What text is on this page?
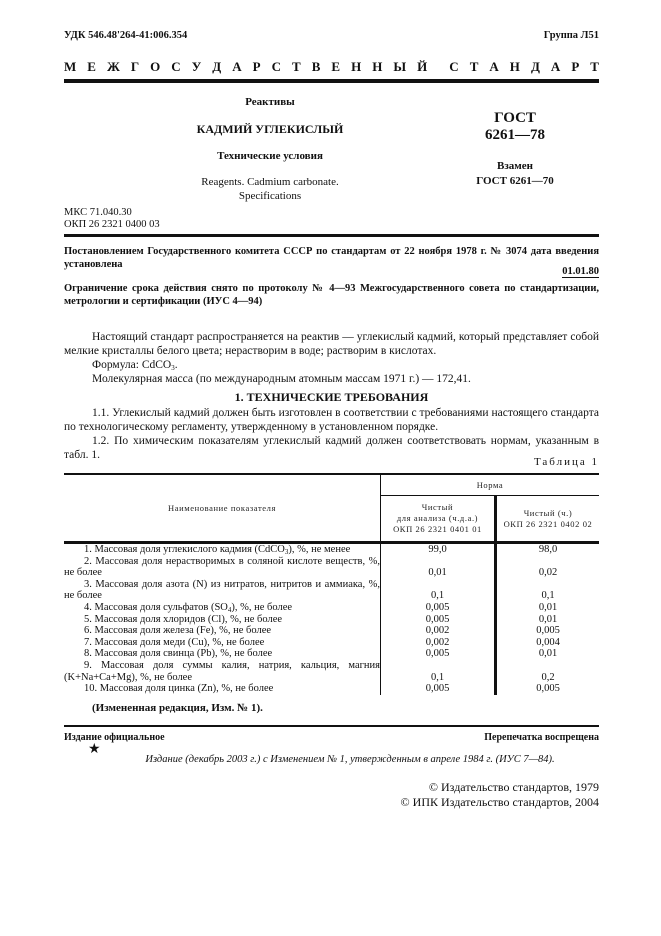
УДК 546.48'264-41:006.354	Группа Л51
М Е Ж Г О С У Д А Р С Т В Е Н Н Ы Й С Т А Н Д А Р Т
Реактивы
КАДМИЙ УГЛЕКИСЛЫЙ
Технические условия
Reagents. Cadmium carbonate.
Specifications
ГОСТ
6261—78
Взамен
ГОСТ 6261—70
МКС 71.040.30
ОКП 26 2321 0400 03
Постановлением Государственного комитета СССР по стандартам от 22 ноября 1978 г. № 3074 дата введения установлена
01.01.80
Ограничение срока действия снято по протоколу № 4—93 Межгосударственного совета по стандартизации, метрологии и сертификации (ИУС 4—94)
Настоящий стандарт распространяется на реактив — углекислый кадмий, который представляет собой мелкие кристаллы белого цвета; нерастворим в воде; растворим в кислотах.
Формула: CdCO$_3$.
Молекулярная масса (по международным атомным массам 1971 г.) — 172,41.
1. ТЕХНИЧЕСКИЕ ТРЕБОВАНИЯ
1.1. Углекислый кадмий должен быть изготовлен в соответствии с требованиями настоящего стандарта по технологическому регламенту, утвержденному в установленном порядке.
1.2. По химическим показателям углекислый кадмий должен соответствовать нормам, указанным в табл. 1.
Таблица 1
Наименование показателя	Норма	

Чистый
для анализа (ч.д.а.)
ОКП 26 2321 0401 01

Чистый (ч.)
ОКП 26 2321 0402 02

1. Массовая доля углекислого кадмия (CdCO$_3$), %, не менее	99,0	98,0

2. Массовая доля нерастворимых в соляной кислоте веществ, %, не более	0,01	0,02

3. Массовая доля азота (N) из нитратов, нитритов и аммиака, %, не более	0,1	0,1

4. Массовая доля сульфатов $(SO_4)$, %, не более	0,005	0,01

5. Массовая доля хлоридов (Cl), %, не более	0,005	0,01

6. Массовая доля железа (Fe), %, не более	0,002	0,005

7. Массовая доля меди (Cu), %, не более	0,002	0,004

8. Массовая доля свинца (Pb), %, не более	0,005	0,01

9. Массовая доля суммы калия, натрия, кальция, магния (K+Na+Ca+Mg), %, не более	0,1	0,2

10. Массовая доля цинка (Zn), %, не более	0,005	0,005
(Измененная редакция, Изм. № 1).
Издание официальное	Перепечатка воспрещена
★
Издание (декабрь 2003 г.) с Изменением № 1, утвержденным в апреле 1984 г. (ИУС 7—84).
© Издательство стандартов, 1979
© ИПК Издательство стандартов, 2004
